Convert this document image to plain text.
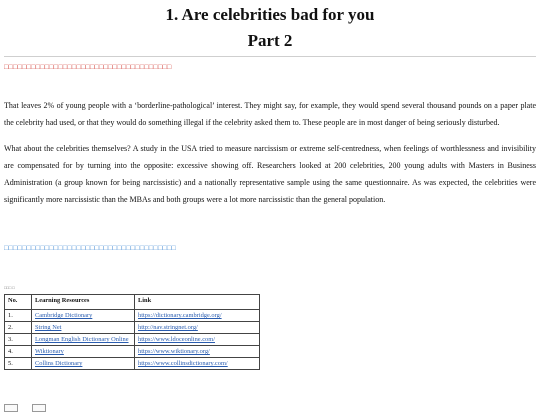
1. Are celebrities bad for you
Part 2
□□□□□□□□□□□□□□□□□□□□□□□□□□□□□□□□□□□□□

That leaves 2% of young people with a ‘borderline-pathological’ interest. They might say, for example, they would spend several thousand pounds on a paper plate the celebrity had used, or that they would do something illegal if the celebrity asked them to. These people are in most danger of being seriously disturbed.

What about the celebrities themselves? A study in the USA tried to measure narcissism or extreme self-centredness, when feelings of worthlessness and invisibility are compensated for by turning into the opposite: excessive showing off. Researchers looked at 200 celebrities, 200 young adults with Masters in Business Administration (a group known for being narcissistic) and a nationally representative sample using the same questionnaire. As was expected, the celebrities were significantly more narcissistic than the MBAs and both groups were a lot more narcissistic than the general population.

□□□□□□□□□□□□□□□□□□□□□□□□□□□□□□□□□□□□□□
□□□ □
No.	Learning Resources	Link
1.	Cambridge Dictionary	https://dictionary.cambridge.org/
2.	String Net	http://nav.stringnet.org/
3.	Longman English Dictionary Online	https://www.ldoceonline.com/
4.	Wiktionary	https://www.wiktionary.org/
5.	Collins Dictionary	https://www.collinsdictionary.com/
